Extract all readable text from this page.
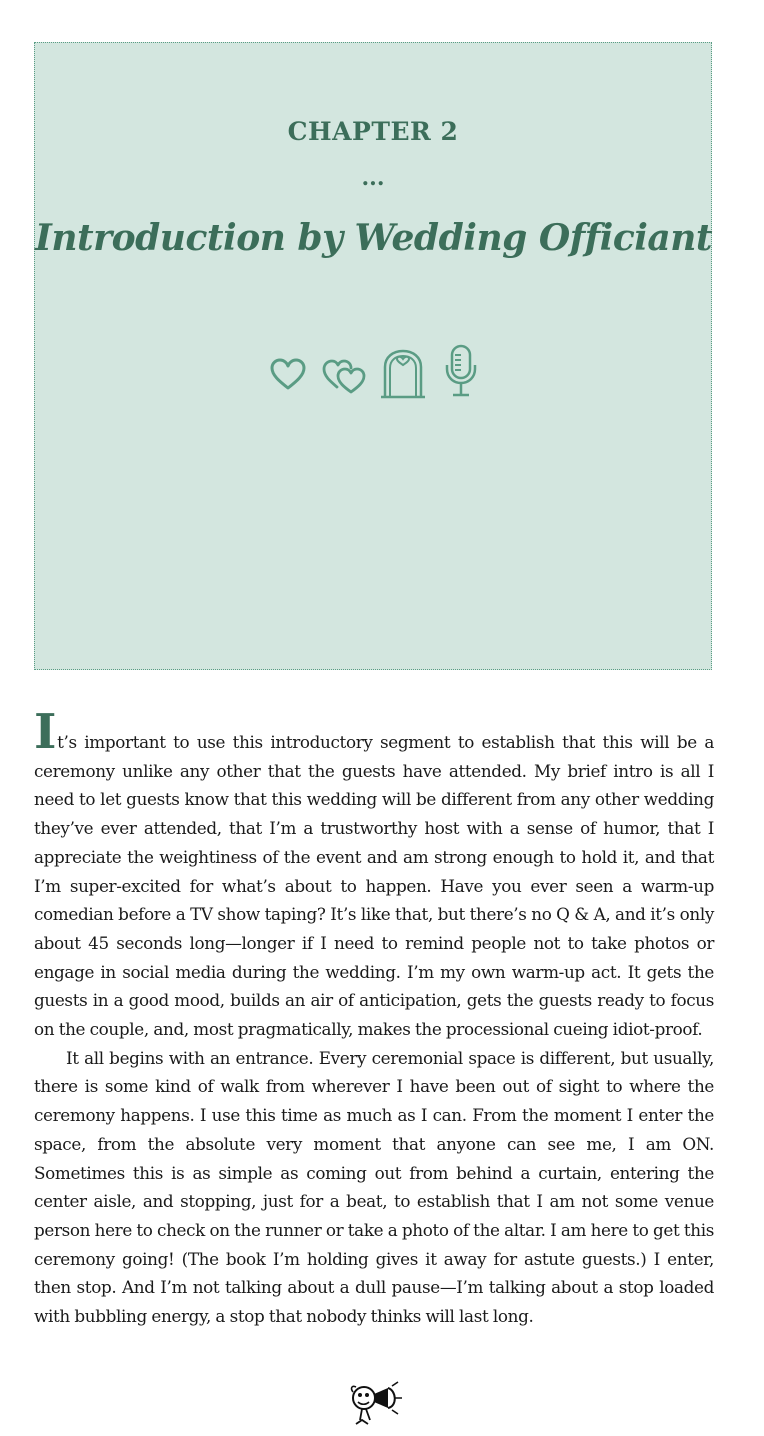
CHAPTER 2
...
Introduction by Wedding Officiant

It’s important to use this introductory segment to establish that this will be a ceremony unlike any other that the guests have attended. My brief intro is all I need to let guests know that this wedding will be different from any other wedding they’ve ever attended, that I’m a trustworthy host with a sense of humor, that I appreciate the weightiness of the event and am strong enough to hold it, and that I’m super-excited for what’s about to happen. Have you ever seen a warm-up comedian before a TV show taping? It’s like that, but there’s no Q & A, and it’s only about 45 seconds long—longer if I need to remind people not to take photos or engage in social media during the wedding. I’m my own warm-up act. It gets the guests in a good mood, builds an air of anticipation, gets the guests ready to focus on the couple, and, most pragmatically, makes the processional cueing idiot-proof.

It all begins with an entrance. Every ceremonial space is different, but usually, there is some kind of walk from wherever I have been out of sight to where the ceremony happens. I use this time as much as I can. From the moment I enter the space, from the absolute very moment that anyone can see me, I am ON. Sometimes this is as simple as coming out from behind a curtain, entering the center aisle, and stopping, just for a beat, to establish that I am not some venue person here to check on the runner or take a photo of the altar. I am here to get this ceremony going! (The book I’m holding gives it away for astute guests.) I enter, then stop. And I’m not talking about a dull pause—I’m talking about a stop loaded with bubbling energy, a stop that nobody thinks will last long.
